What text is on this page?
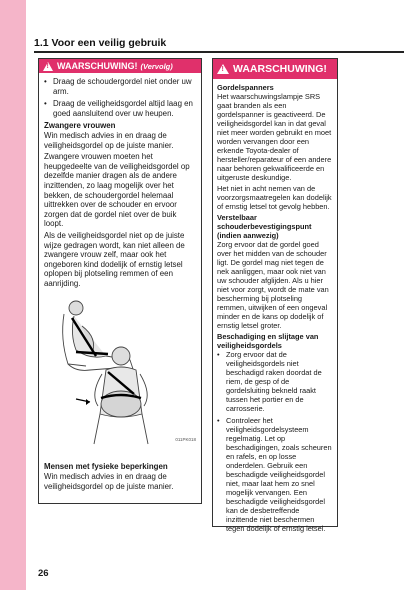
1.1 Voor een veilig gebruik
!
WAARSCHUWING! (Vervolg)
• Draag de schoudergordel niet onder uw arm.
• Draag de veiligheidsgordel altijd laag en goed aansluitend over uw heupen.
Zwangere vrouwen
Win medisch advies in en draag de veiligheidsgordel op de juiste manier.
Zwangere vrouwen moeten het heupgedeelte van de veiligheidsgordel op dezelfde manier dragen als de andere inzittenden, zo laag mogelijk over het bekken, de schoudergordel helemaal uittrekken over de schouder en ervoor zorgen dat de gordel niet over de buik loopt.
Als de veiligheidsgordel niet op de juiste wijze gedragen wordt, kan niet alleen de zwangere vrouw zelf, maar ook het ongeboren kind dodelijk of ernstig letsel oplopen bij plotseling remmen of een aanrijding.
011PK018
Mensen met fysieke beperkingen
Win medisch advies in en draag de veiligheidsgordel op de juiste manier.
!
WAARSCHUWING!
Gordelspanners
Het waarschuwingslampje SRS gaat branden als een gordelspanner is geactiveerd. De veiligheidsgordel kan in dat geval niet meer worden gebruikt en moet worden vervangen door een erkende Toyota-dealer of hersteller/reparateur of een andere naar behoren gekwalificeerde en uitgeruste deskundige.
Het niet in acht nemen van de voorzorgsmaatregelen kan dodelijk of ernstig letsel tot gevolg hebben.
Verstelbaar schouderbevestigingspunt (indien aanwezig)
Zorg ervoor dat de gordel goed over het midden van de schouder ligt. De gordel mag niet tegen de nek aanliggen, maar ook niet van uw schouder afglijden. Als u hier niet voor zorgt, wordt de mate van bescherming bij plotseling remmen, uitwijken of een ongeval minder en de kans op dodelijk of ernstig letsel groter.
Beschadiging en slijtage van veiligheidsgordels
• Zorg ervoor dat de veiligheidsgordels niet beschadigd raken doordat de riem, de gesp of de gordelsluiting bekneld raakt tussen het portier en de carrosserie.
• Controleer het veiligheidsgordelsysteem regelmatig. Let op beschadigingen, zoals scheuren en rafels, en op losse onderdelen. Gebruik een beschadigde veiligheidsgordel niet, maar laat hem zo snel mogelijk vervangen. Een beschadigde veiligheidsgordel kan de desbetreffende inzittende niet beschermen tegen dodelijk of ernstig letsel.
26
